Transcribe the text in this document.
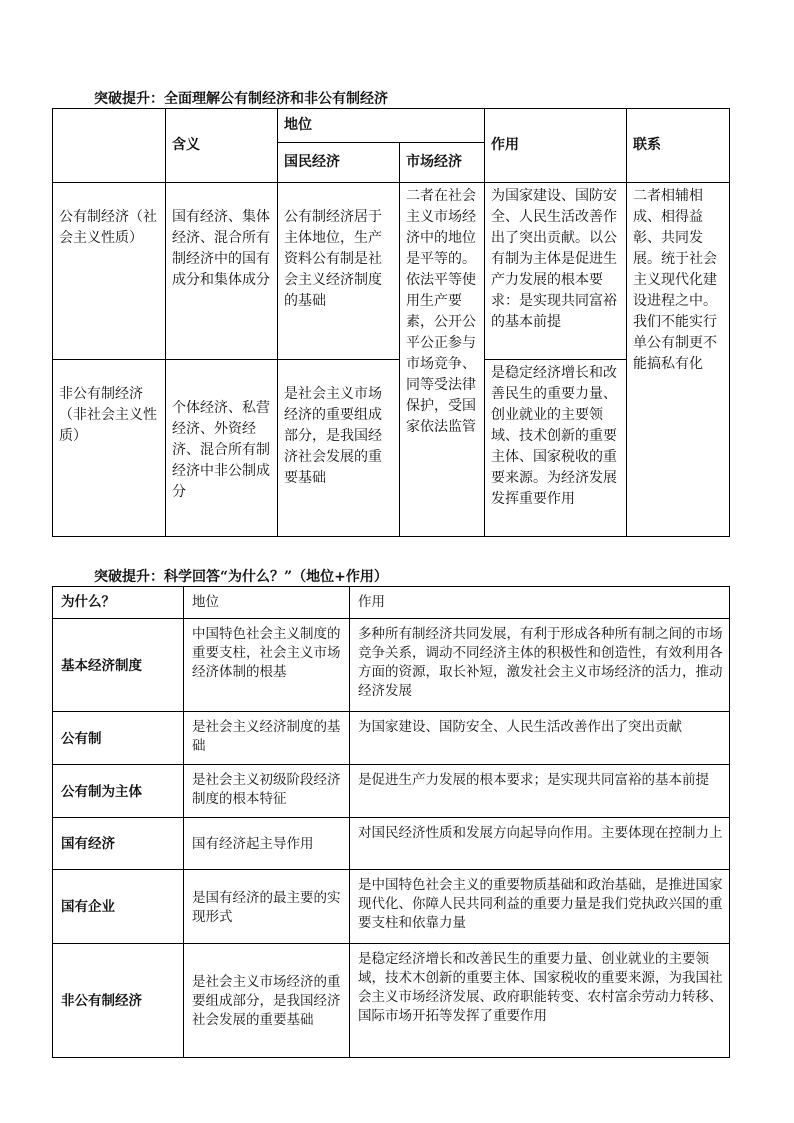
突破提升：全面理解公有制经济和非公有制经济
	含义	地位		作用	联系
		国民经济	市场经济		
公有制经济（社会主义性质）	国有经济、集体经济、混合所有制经济中的国有成分和集体成分	公有制经济居于主体地位，生产资料公有制是社会主义经济制度的基础	二者在社会主义市场经济中的地位是平等的。依法平等使用生产要素，公开公平公正参与市场竞争、同等受法律保护，受国家依法监管	为国家建设、国防安全、人民生活改善作出了突出贡献。以公有制为主体是促进生产力发展的根本要求：是实现共同富裕的基本前提	二者相辅相成、相得益彰、共同发展。统于社会主义现代化建设进程之中。我们不能实行单公有制更不能搞私有化
非公有制经济（非社会主义性质）	个体经济、私营经济、外资经济、混合所有制经济中非公制成分	是社会主义市场经济的重要组成部分，是我国经济社会发展的重要基础		是稳定经济增长和改善民生的重要力量、创业就业的主要领域、技术创新的重要主体、国家税收的重要来源。为经济发展发挥重要作用	
突破提升：科学回答“为什么？”（地位+作用）
为什么？	地位	作用
基本经济制度	中国特色社会主义制度的重要支柱，社会主义市场经济体制的根基	多种所有制经济共同发展，有利于形成各种所有制之间的市场竞争关系，调动不同经济主体的积极性和创造性，有效利用各方面的资源，取长补短，激发社会主义市场经济的活力，推动经济发展
公有制	是社会主义经济制度的基础	为国家建设、国防安全、人民生活改善作出了突出贡献
公有制为主体	是社会主义初级阶段经济制度的根本特征	是促进生产力发展的根本要求；是实现共同富裕的基本前提
国有经济	国有经济起主导作用	对国民经济性质和发展方向起导向作用。主要体现在控制力上
国有企业	是国有经济的最主要的实现形式	是中国特色社会主义的重要物质基础和政治基础，是推进国家现代化、你障人民共同利益的重要力量是我们党执政兴国的重要支柱和依靠力量
非公有制经济	是社会主义市场经济的重要组成部分，是我国经济社会发展的重要基础	是稳定经济增长和改善民生的重要力量、创业就业的主要领域，技术木创新的重要主体、国家税收的重要来源，为我国社会主义市场经济发展、政府职能转变、农村富余劳动力转移、国际市场开拓等发挥了重要作用
